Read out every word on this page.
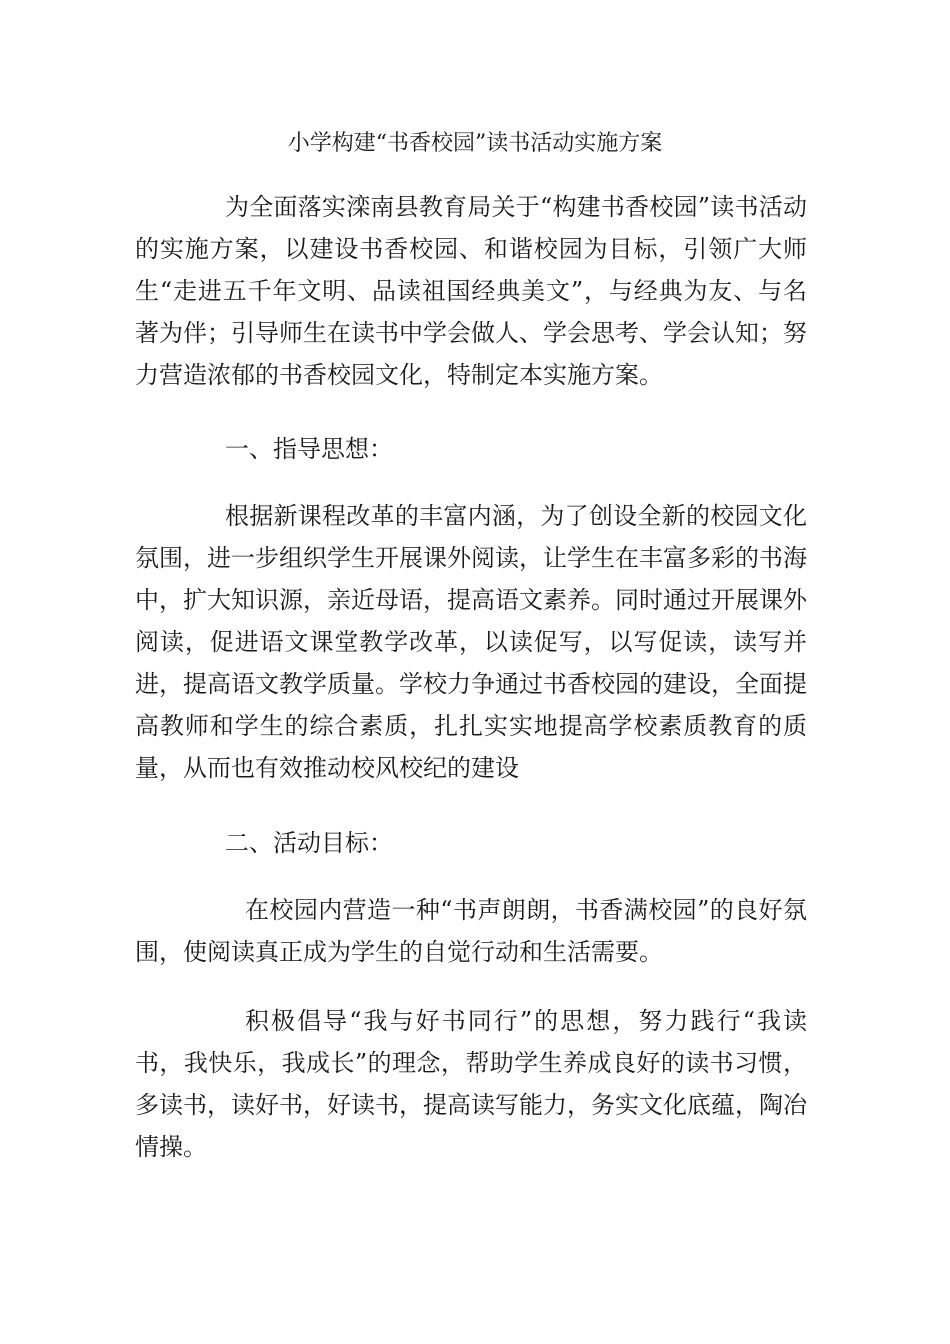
小学构建“书香校园”读书活动实施方案

为全面落实滦南县教育局关于“构建书香校园”读书活动的实施方案，以建设书香校园、和谐校园为目标，引领广大师生“走进五千年文明、品读祖国经典美文”，与经典为友、与名著为伴；引导师生在读书中学会做人、学会思考、学会认知；努力营造浓郁的书香校园文化，特制定本实施方案。

一、指导思想：

根据新课程改革的丰富内涵，为了创设全新的校园文化氛围，进一步组织学生开展课外阅读，让学生在丰富多彩的书海中，扩大知识源，亲近母语，提高语文素养。同时通过开展课外阅读，促进语文课堂教学改革，以读促写，以写促读，读写并进，提高语文教学质量。学校力争通过书香校园的建设，全面提高教师和学生的综合素质，扎扎实实地提高学校素质教育的质量，从而也有效推动校风校纪的建设

二、活动目标：

在校园内营造一种“书声朗朗，书香满校园”的良好氛围，使阅读真正成为学生的自觉行动和生活需要。

积极倡导“我与好书同行”的思想，努力践行“我读书，我快乐，我成长”的理念，帮助学生养成良好的读书习惯，多读书，读好书，好读书，提高读写能力，务实文化底蕴，陶冶情操。
